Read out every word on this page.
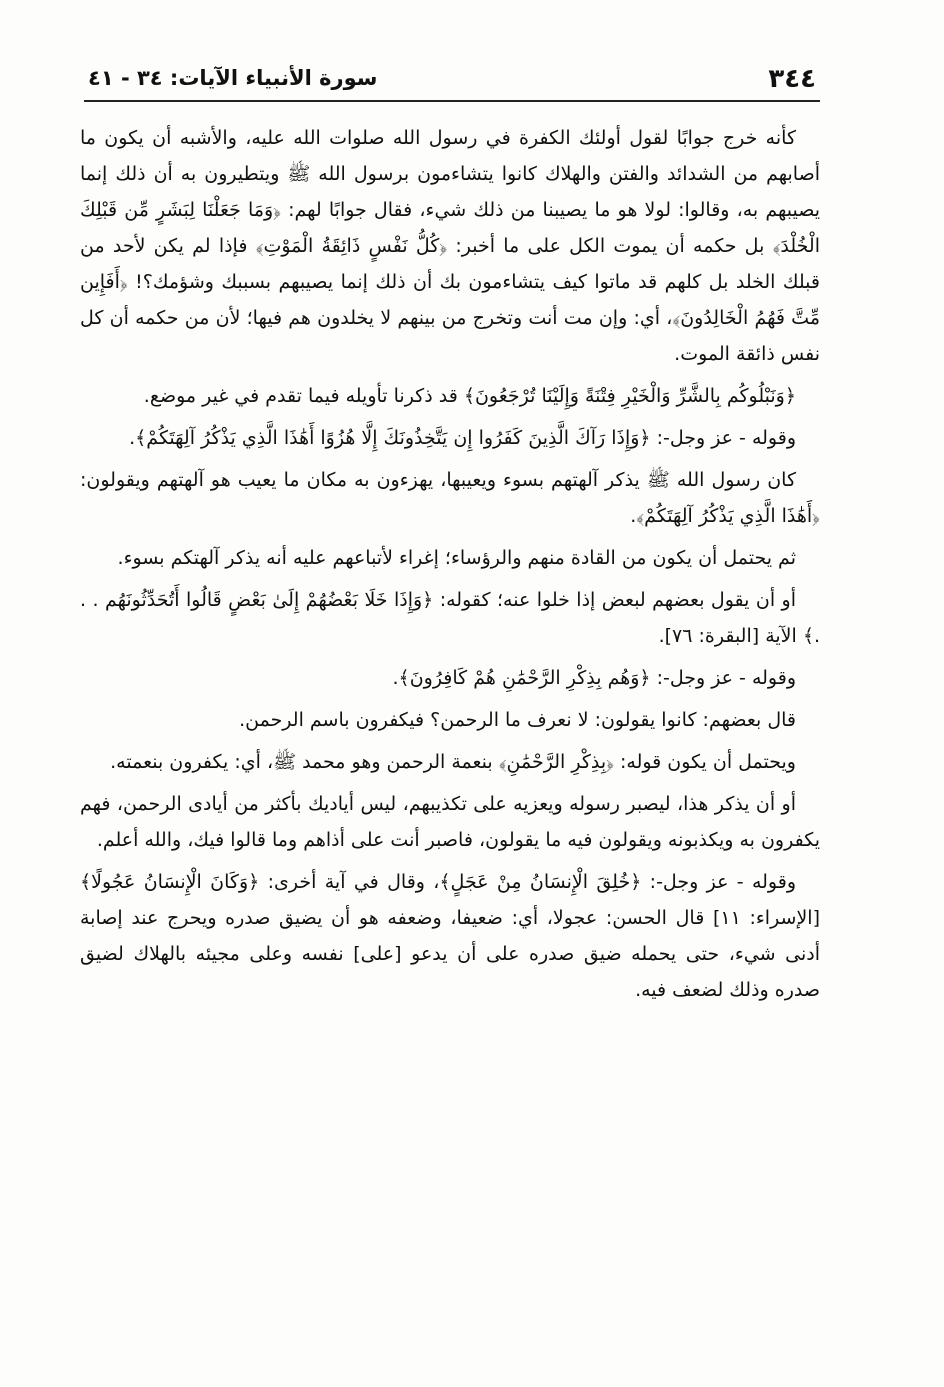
٣٤٤
سورة الأنبياء الآيات: ٣٤ - ٤١

كأنه خرج جوابًا لقول أولئك الكفرة في رسول الله صلوات الله عليه، والأشبه أن يكون ما أصابهم من الشدائد والفتن والهلاك كانوا يتشاءمون برسول الله ﷺ ويتطيرون به أن ذلك إنما يصيبهم به، وقالوا: لولا هو ما يصيبنا من ذلك شيء، فقال جوابًا لهم: ﴿وَمَا جَعَلْنَا لِبَشَرٍ مِّن قَبْلِكَ الْخُلْدَ﴾ بل حكمه أن يموت الكل على ما أخبر: ﴿كُلُّ نَفْسٍ ذَائِقَةُ الْمَوْتِ﴾ فإذا لم يكن لأحد من قبلك الخلد بل كلهم قد ماتوا كيف يتشاءمون بك أن ذلك إنما يصيبهم بسببك وشؤمك؟! ﴿أَفَإِين مِّتَّ فَهُمُ الْخَالِدُونَ﴾، أي: وإن مت أنت وتخرج من بينهم لا يخلدون هم فيها؛ لأن من حكمه أن كل نفس ذائقة الموت.

﴿وَنَبْلُوكُم بِالشَّرِّ وَالْخَيْرِ فِتْنَةً وَإِلَيْنَا تُرْجَعُونَ﴾ قد ذكرنا تأويله فيما تقدم في غير موضع.

وقوله - عز وجل-: ﴿وَإِذَا رَآكَ الَّذِينَ كَفَرُوا إِن يَتَّخِذُونَكَ إِلَّا هُزُوًا أَهَٰذَا الَّذِي يَذْكُرُ آلِهَتَكُمْ﴾.

كان رسول الله ﷺ يذكر آلهتهم بسوء ويعيبها، يهزءون به مكان ما يعيب هو آلهتهم ويقولون: ﴿أَهَٰذَا الَّذِي يَذْكُرُ آلِهَتَكُمْ﴾.

ثم يحتمل أن يكون من القادة منهم والرؤساء؛ إغراء لأتباعهم عليه أنه يذكر آلهتكم بسوء.

أو أن يقول بعضهم لبعض إذا خلوا عنه؛ كقوله: ﴿وَإِذَا خَلَا بَعْضُهُمْ إِلَىٰ بَعْضٍ قَالُوا أَتُحَدِّثُونَهُم . . .﴾ الآية [البقرة: ٧٦].

وقوله - عز وجل-: ﴿وَهُم بِذِكْرِ الرَّحْمَٰنِ هُمْ كَافِرُونَ﴾.

قال بعضهم: كانوا يقولون: لا نعرف ما الرحمن؟ فيكفرون باسم الرحمن.

ويحتمل أن يكون قوله: ﴿بِذِكْرِ الرَّحْمَٰنِ﴾ بنعمة الرحمن وهو محمد ﷺ، أي: يكفرون بنعمته.

أو أن يذكر هذا، ليصبر رسوله ويعزيه على تكذيبهم، ليس أياديك بأكثر من أيادى الرحمن، فهم يكفرون به ويكذبونه ويقولون فيه ما يقولون، فاصبر أنت على أذاهم وما قالوا فيك، والله أعلم.

وقوله - عز وجل-: ﴿خُلِقَ الْإِنسَانُ مِنْ عَجَلٍ﴾، وقال في آية أخرى: ﴿وَكَانَ الْإِنسَانُ عَجُولًا﴾ [الإسراء: ١١] قال الحسن: عجولا، أي: ضعيفا، وضعفه هو أن يضيق صدره ويحرج عند إصابة أدنى شيء، حتى يحمله ضيق صدره على أن يدعو [على] نفسه وعلى مجيئه بالهلاك لضيق صدره وذلك لضعف فيه.
